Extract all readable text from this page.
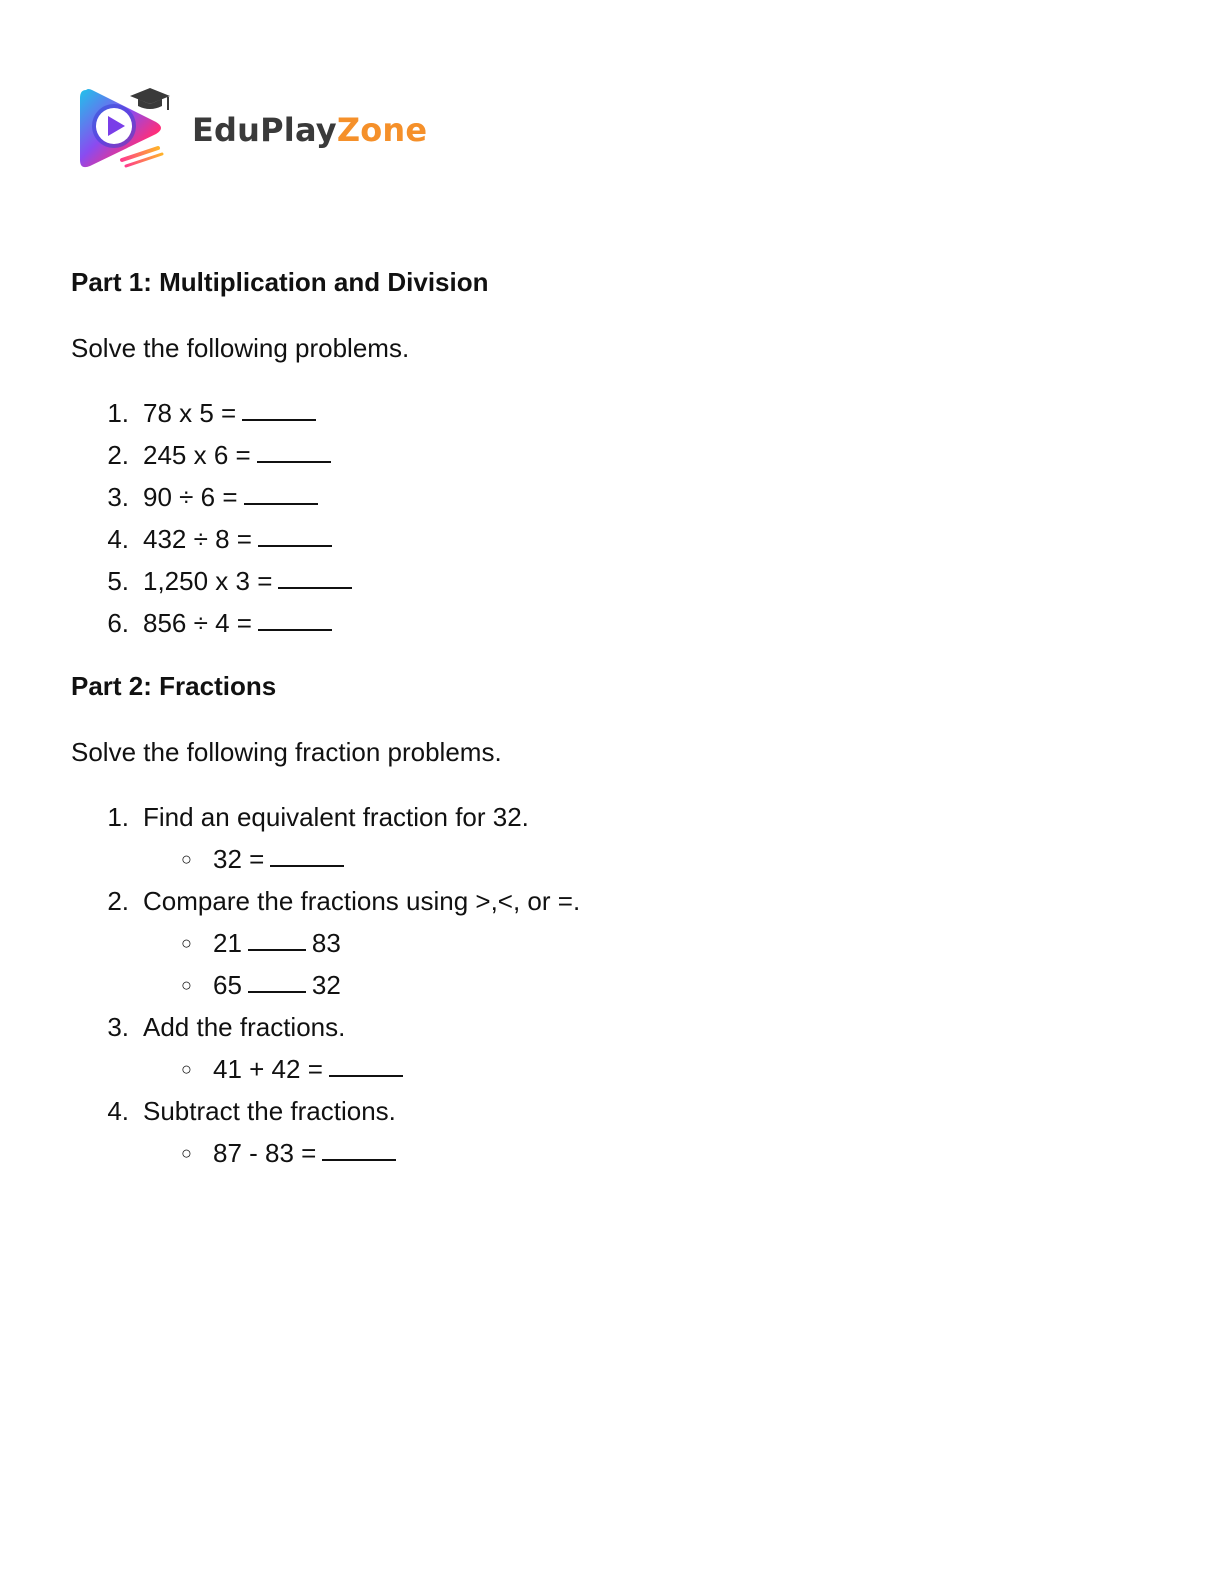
EduPlayZone
Part 1: Multiplication and Division
Solve the following problems.
1. 78 x 5 =
2. 245 x 6 =
3. 90 ÷ 6 =
4. 432 ÷ 8 =
5. 1,250 x 3 =
6. 856 ÷ 4 =
Part 2: Fractions
Solve the following fraction problems.
1. Find an equivalent fraction for 32.
○ 32 =
2. Compare the fractions using >,<, or =.
○ 21	83
○ 65	32
3. Add the fractions.
○ 41 + 42 =
4. Subtract the fractions.
○ 87 - 83 =
